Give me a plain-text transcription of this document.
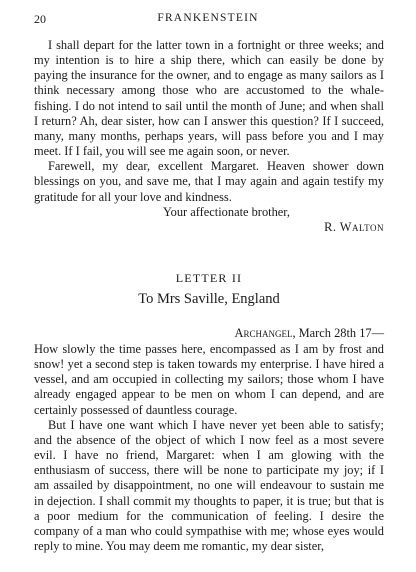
20	FRANKENSTEIN

I shall depart for the latter town in a fortnight or three weeks; and my intention is to hire a ship there, which can easily be done by paying the insurance for the owner, and to engage as many sailors as I think necessary among those who are accustomed to the whale-fishing. I do not intend to sail until the month of June; and when shall I return? Ah, dear sister, how can I answer this question? If I succeed, many, many months, perhaps years, will pass before you and I may meet. If I fail, you will see me again soon, or never.

Farewell, my dear, excellent Margaret. Heaven shower down blessings on you, and save me, that I may again and again testify my gratitude for all your love and kindness.

Your affectionate brother,

R. Walton

LETTER II
To Mrs Saville, England
Archangel, March 28th 17—

How slowly the time passes here, encompassed as I am by frost and snow! yet a second step is taken towards my enterprise. I have hired a vessel, and am occupied in collecting my sailors; those whom I have already engaged appear to be men on whom I can depend, and are certainly possessed of dauntless courage.

But I have one want which I have never yet been able to satisfy; and the absence of the object of which I now feel as a most severe evil. I have no friend, Margaret: when I am glowing with the enthusiasm of success, there will be none to participate my joy; if I am assailed by disappointment, no one will endeavour to sustain me in dejection. I shall commit my thoughts to paper, it is true; but that is a poor medium for the communication of feeling. I desire the company of a man who could sympathise with me; whose eyes would reply to mine. You may deem me romantic, my dear sister,
